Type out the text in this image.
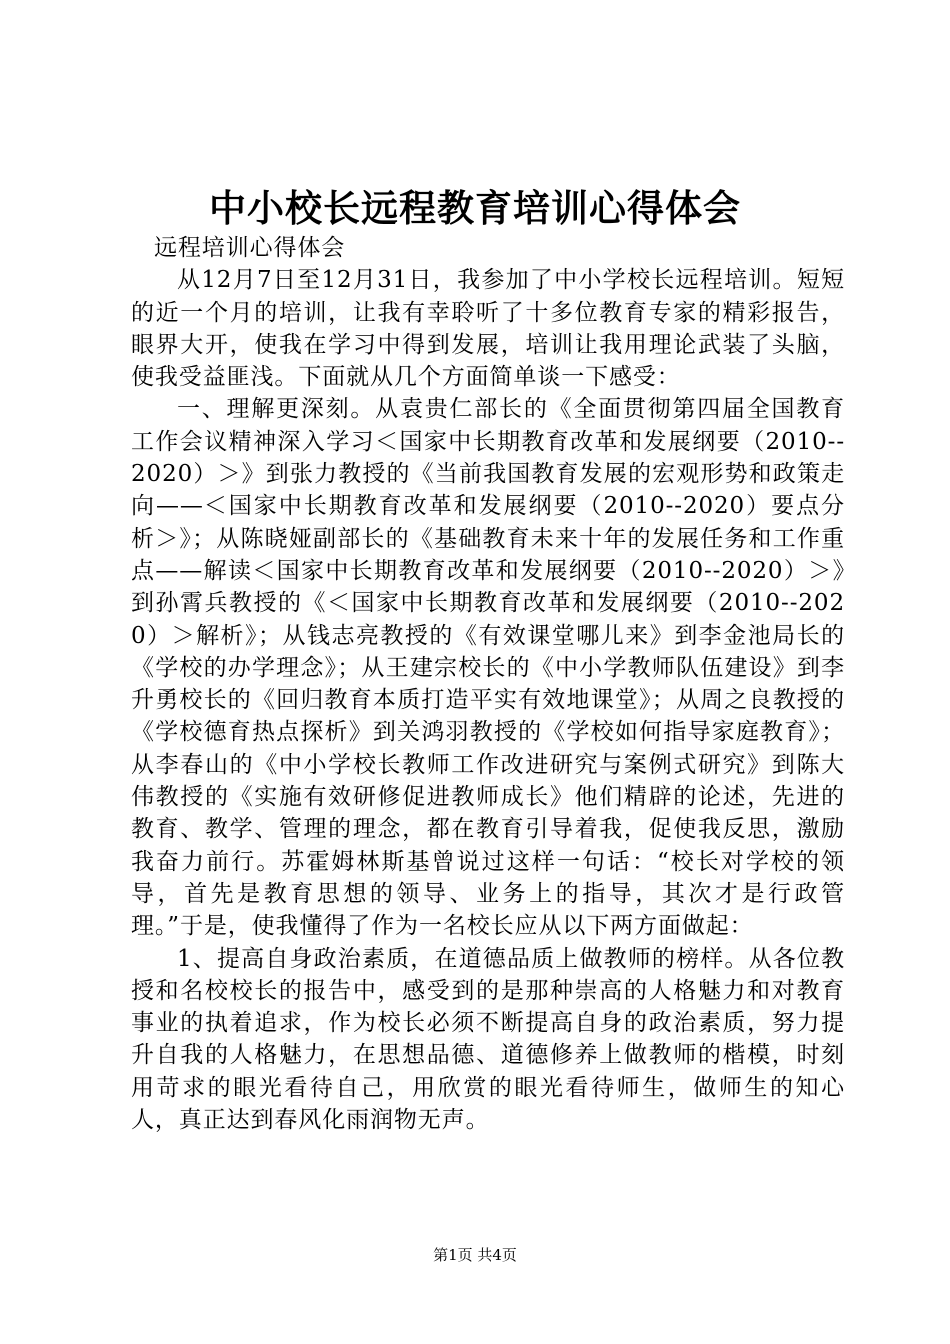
中小校长远程教育培训心得体会

远程培训心得体会

从12月7日至12月31日，我参加了中小学校长远程培训。短短的近一个月的培训，让我有幸聆听了十多位教育专家的精彩报告，眼界大开，使我在学习中得到发展，培训让我用理论武装了头脑，使我受益匪浅。下面就从几个方面简单谈一下感受：

一、理解更深刻。从袁贵仁部长的《全面贯彻第四届全国教育工作会议精神深入学习＜国家中长期教育改革和发展纲要（2010--2020）＞》到张力教授的《当前我国教育发展的宏观形势和政策走向——＜国家中长期教育改革和发展纲要（2010--2020）要点分析＞》；从陈晓娅副部长的《基础教育未来十年的发展任务和工作重点——解读＜国家中长期教育改革和发展纲要（2010--2020）＞》到孙霄兵教授的《＜国家中长期教育改革和发展纲要（2010--2020）＞解析》；从钱志亮教授的《有效课堂哪儿来》到李金池局长的《学校的办学理念》；从王建宗校长的《中小学教师队伍建设》到李升勇校长的《回归教育本质打造平实有效地课堂》；从周之良教授的《学校德育热点探析》到关鸿羽教授的《学校如何指导家庭教育》；从李春山的《中小学校长教师工作改进研究与案例式研究》到陈大伟教授的《实施有效研修促进教师成长》他们精辟的论述，先进的教育、教学、管理的理念，都在教育引导着我，促使我反思，激励我奋力前行。苏霍姆林斯基曾说过这样一句话：“校长对学校的领导，首先是教育思想的领导、业务上的指导，其次才是行政管理。”于是，使我懂得了作为一名校长应从以下两方面做起：

1、提高自身政治素质，在道德品质上做教师的榜样。从各位教授和名校校长的报告中，感受到的是那种崇高的人格魅力和对教育事业的执着追求，作为校长必须不断提高自身的政治素质，努力提升自我的人格魅力，在思想品德、道德修养上做教师的楷模，时刻用苛求的眼光看待自己，用欣赏的眼光看待师生，做师生的知心人，真正达到春风化雨润物无声。

第1页 共4页
